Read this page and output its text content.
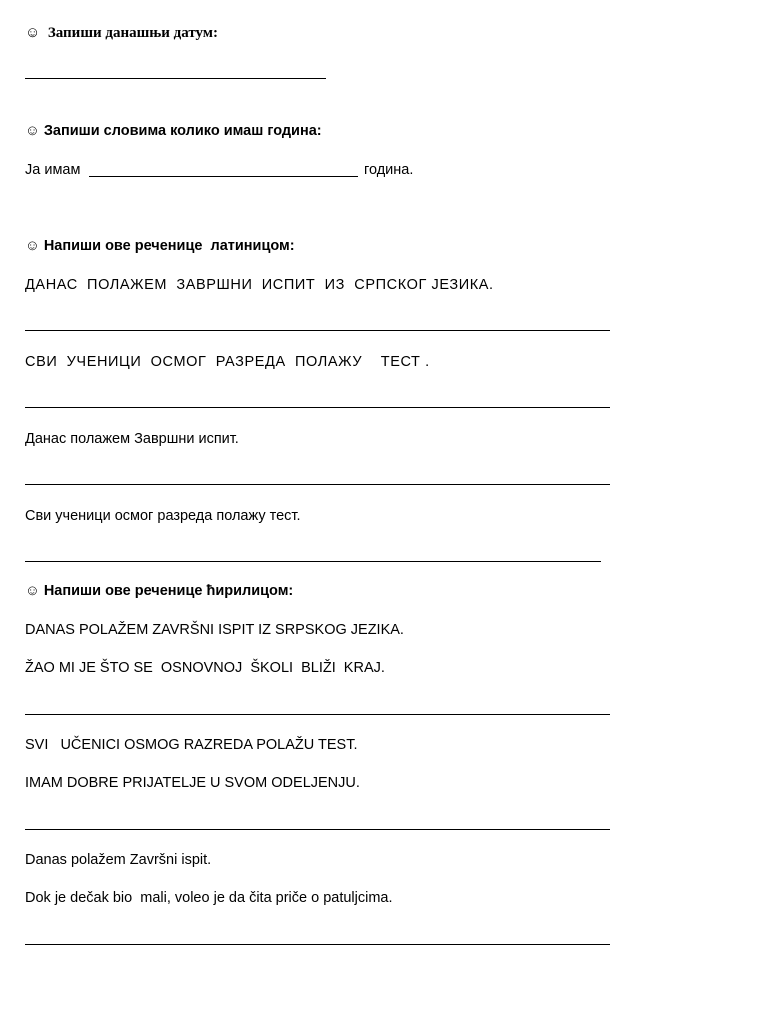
☺  Запиши данашњи датум:
☺ Запиши словима колико имаш година:
Ја имам	година.
☺ Напиши ове реченице  латиницом:
ДАНАС  ПОЛАЖЕМ  ЗАВРШНИ  ИСПИТ  ИЗ  СРПСКОГ ЈЕЗИКА.
СВИ  УЧЕНИЦИ  ОСМОГ  РАЗРЕДА  ПОЛАЖУ    ТЕСТ .
Данас полажем Завршни испит.
Сви ученици осмог разреда полажу тест.
☺ Напиши ове реченице ћирилицом:
DANAS POLAŽEM ZAVRŠNI ISPIT IZ SRPSKOG JEZIKA.
ŽAO MI JE ŠTO SE  OSNOVNOJ  ŠKOLI  BLIŽI  KRAJ.
SVI   UČENICI OSMOG RAZREDA POLAŽU TEST.
IMAM DOBRE PRIJATELJE U SVOM ODELJENJU.
Danas polažem Završni ispit.
Dok je dečak bio  mali, voleo je da čita priče o patuljcima.
